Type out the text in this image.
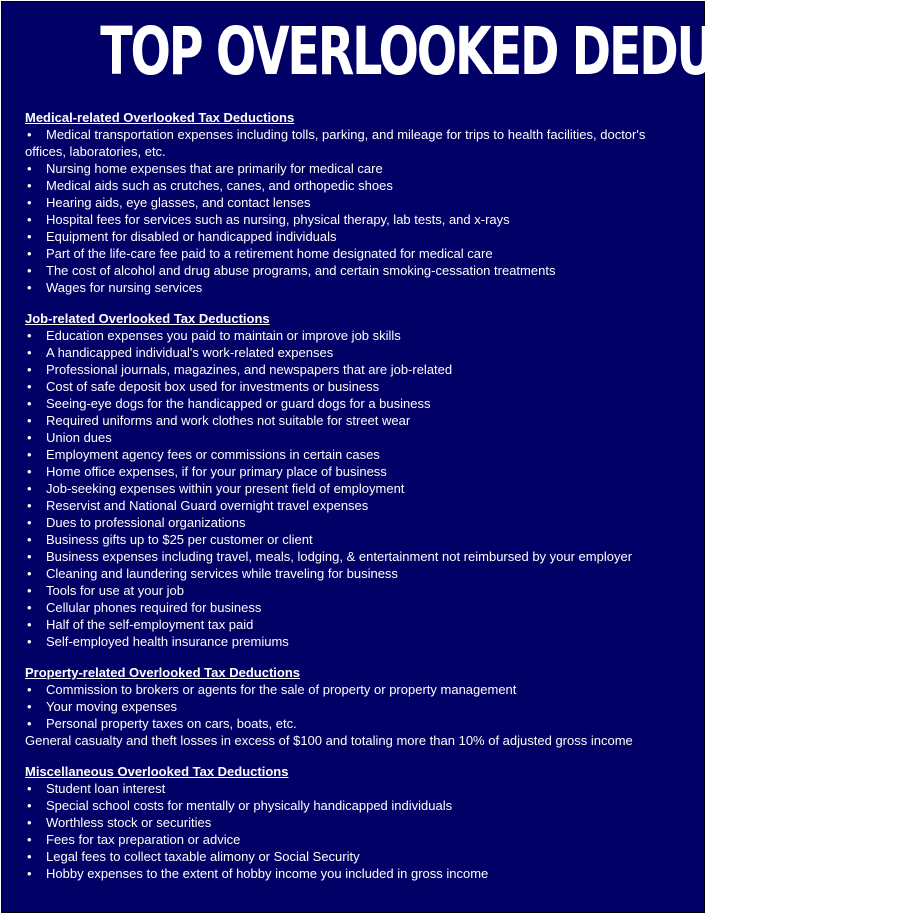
TOP OVERLOOKED DEDUCTIONS
Medical-related Overlooked Tax Deductions
• Medical transportation expenses including tolls, parking, and mileage for trips to health facilities, doctor's offices, laboratories, etc.
• Nursing home expenses that are primarily for medical care
• Medical aids such as crutches, canes, and orthopedic shoes
• Hearing aids, eye glasses, and contact lenses
• Hospital fees for services such as nursing, physical therapy, lab tests, and x-rays
• Equipment for disabled or handicapped individuals
• Part of the life-care fee paid to a retirement home designated for medical care
• The cost of alcohol and drug abuse programs, and certain smoking-cessation treatments
• Wages for nursing services
Job-related Overlooked Tax Deductions
• Education expenses you paid to maintain or improve job skills
• A handicapped individual's work-related expenses
• Professional journals, magazines, and newspapers that are job-related
• Cost of safe deposit box used for investments or business
• Seeing-eye dogs for the handicapped or guard dogs for a business
• Required uniforms and work clothes not suitable for street wear
• Union dues
• Employment agency fees or commissions in certain cases
• Home office expenses, if for your primary place of business
• Job-seeking expenses within your present field of employment
• Reservist and National Guard overnight travel expenses
• Dues to professional organizations
• Business gifts up to $25 per customer or client
• Business expenses including travel, meals, lodging, & entertainment not reimbursed by your employer
• Cleaning and laundering services while traveling for business
• Tools for use at your job
• Cellular phones required for business
• Half of the self-employment tax paid
• Self-employed health insurance premiums
Property-related Overlooked Tax Deductions
• Commission to brokers or agents for the sale of property or property management
• Your moving expenses
• Personal property taxes on cars, boats, etc.
General casualty and theft losses in excess of $100 and totaling more than 10% of adjusted gross income
Miscellaneous Overlooked Tax Deductions
• Student loan interest
• Special school costs for mentally or physically handicapped individuals
• Worthless stock or securities
• Fees for tax preparation or advice
• Legal fees to collect taxable alimony or Social Security
• Hobby expenses to the extent of hobby income you included in gross income
